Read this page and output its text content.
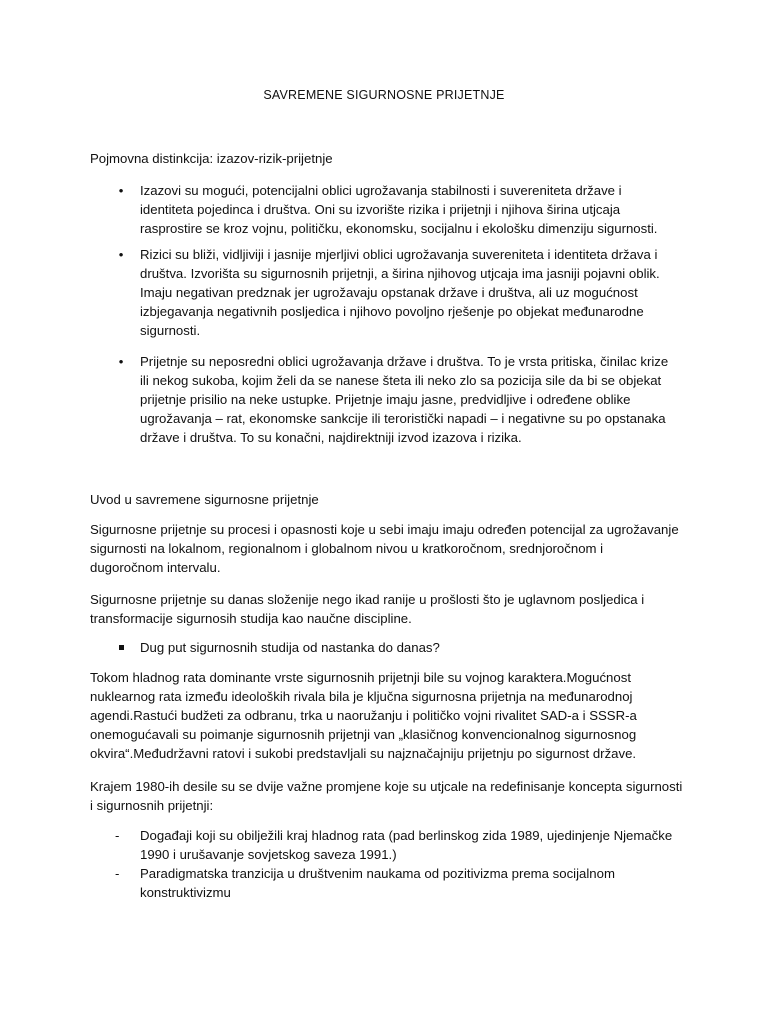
SAVREMENE SIGURNOSNE PRIJETNJE
Pojmovna distinkcija: izazov-rizik-prijetnje
• Izazovi su mogući, potencijalni oblici ugrožavanja stabilnosti i suvereniteta države i identiteta pojedinca i društva. Oni su izvorište rizika i prijetnji i njihova širina utjcaja rasprostire se kroz vojnu, političku, ekonomsku, socijalnu i ekološku dimenziju sigurnosti.
• Rizici su bliži, vidljiviji i jasnije mjerljivi oblici ugrožavanja suvereniteta i identiteta država i društva. Izvorišta su sigurnosnih prijetnji, a širina njihovog utjcaja ima jasniji pojavni oblik. Imaju negativan predznak jer ugrožavaju opstanak države i društva, ali uz mogućnost izbjegavanja negativnih posljedica i njihovo povoljno rješenje po objekat međunarodne sigurnosti.
• Prijetnje su neposredni oblici ugrožavanja države i društva. To je vrsta pritiska, činilac krize ili nekog sukoba, kojim želi da se nanese šteta ili neko zlo sa pozicija sile da bi se objekat prijetnje prisilio na neke ustupke. Prijetnje imaju jasne, predvidljive i određene oblike ugrožavanja – rat, ekonomske sankcije ili teroristički napadi – i negativne su po opstanaka države i društva. To su konačni, najdirektniji izvod izazova i rizika.
Uvod u savremene sigurnosne prijetnje

Sigurnosne prijetnje su procesi i opasnosti koje u sebi imaju imaju određen potencijal za ugrožavanje sigurnosti na lokalnom, regionalnom i globalnom nivou u kratkoročnom, srednjoročnom i dugoročnom intervalu.

Sigurnosne prijetnje su danas složenije nego ikad ranije u prošlosti što je uglavnom posljedica i transformacije sigurnosih studija kao naučne discipline.

Dug put sigurnosnih studija od nastanka do danas?

Tokom hladnog rata dominante vrste sigurnosnih prijetnji bile su vojnog karaktera.Mogućnost nuklearnog rata između ideoloških rivala bila je ključna sigurnosna prijetnja na međunarodnoj agendi.Rastući budžeti za odbranu, trka u naoružanju i političko vojni rivalitet SAD-a i SSSR-a onemogućavali su poimanje sigurnosnih prijetnji van „klasičnog konvencionalnog sigurnosnog okvira“.Međudržavni ratovi i sukobi predstavljali su najznačajniju prijetnju po sigurnost države.

Krajem 1980-ih desile su se dvije važne promjene koje su utjcale na redefinisanje koncepta sigurnosti i sigurnosnih prijetnji:

- Događaji koji su obilježili kraj hladnog rata (pad berlinskog zida 1989, ujedinjenje Njemačke 1990 i urušavanje sovjetskog saveza 1991.)
- Paradigmatska tranzicija u društvenim naukama od pozitivizma prema socijalnom konstruktivizmu
